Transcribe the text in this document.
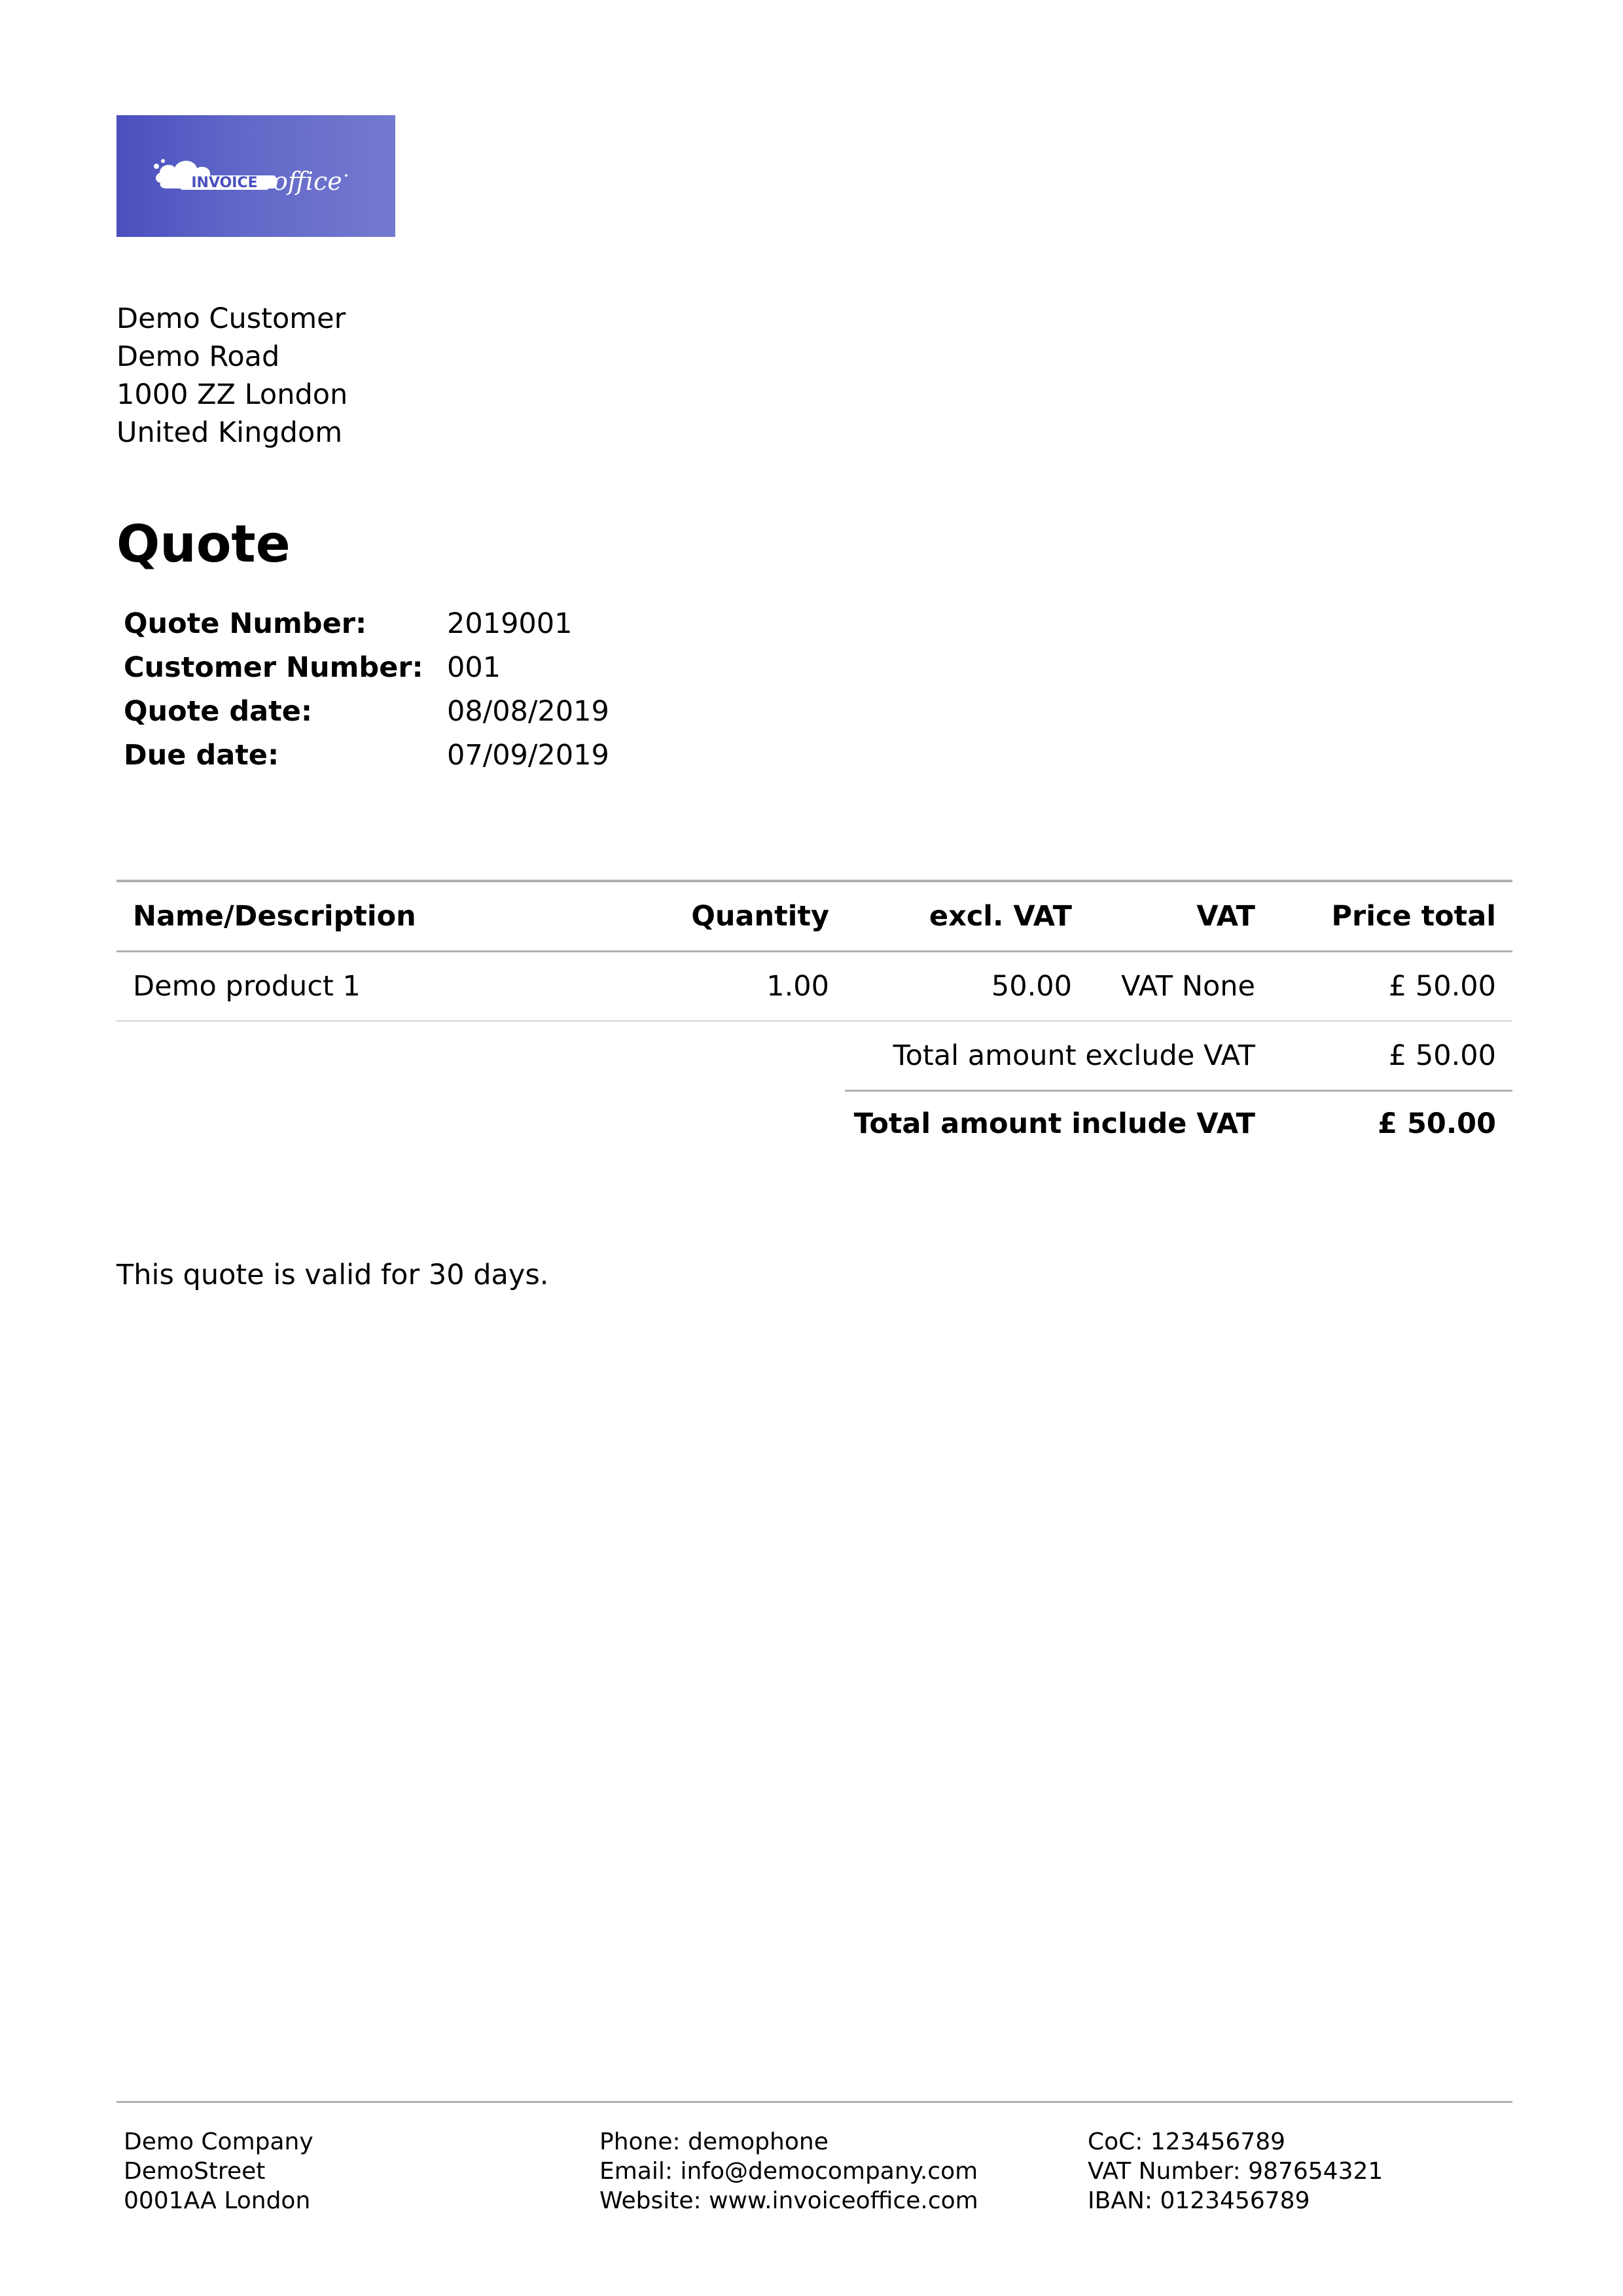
INVOICE office
Demo Customer
Demo Road
1000 ZZ London
United Kingdom
Quote
Quote Number:	2019001
Customer Number: 001
Quote date:	08/08/2019
Due date:	07/09/2019
Name/Description	Quantity	excl. VAT	VAT	Price total
Demo product 1	1.00	50.00 VAT None	£ 50.00
Total amount exclude VAT	£ 50.00
Total amount include VAT	£ 50.00
This quote is valid for 30 days.
Demo Company
DemoStreet
0001AA London
Phone: demophone
Email: info@democompany.com
Website: www.invoiceoffice.com
CoC: 123456789
VAT Number: 987654321
IBAN: 0123456789
